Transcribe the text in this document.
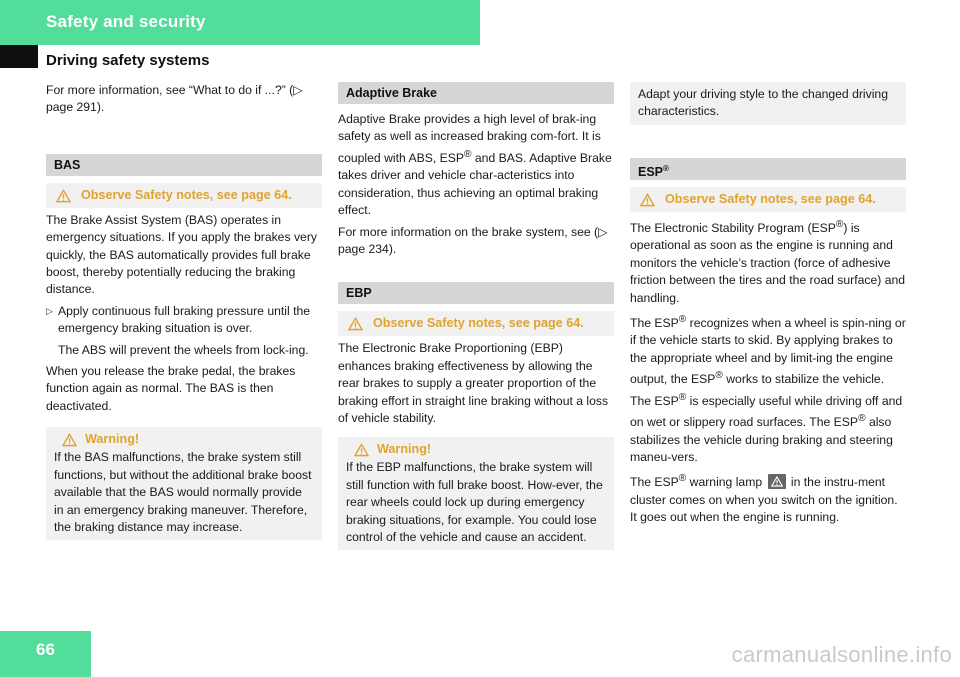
Safety and security
Driving safety systems

For more information, see “What to do if ...?” (▷ page 291).

BAS
Observe Safety notes, see page 64.

The Brake Assist System (BAS) operates in emergency situations. If you apply the brakes very quickly, the BAS automatically provides full brake boost, thereby potentially reducing the braking distance.

▷ Apply continuous full braking pressure until the emergency braking situation is over.

The ABS will prevent the wheels from lock-ing.

When you release the brake pedal, the brakes function again as normal. The BAS is then deactivated.

Warning!

If the BAS malfunctions, the brake system still functions, but without the additional brake boost available that the BAS would normally provide in an emergency braking maneuver. Therefore, the braking distance may increase.

Adaptive Brake

Adaptive Brake provides a high level of brak-ing safety as well as increased braking com-fort. It is coupled with ABS, ESP® and BAS. Adaptive Brake takes driver and vehicle char-acteristics into consideration, thus achieving an optimal braking effect.

For more information on the brake system, see (▷ page 234).

EBP
Observe Safety notes, see page 64.

The Electronic Brake Proportioning (EBP) enhances braking effectiveness by allowing the rear brakes to supply a greater proportion of the braking effort in straight line braking without a loss of vehicle stability.

Warning!

If the EBP malfunctions, the brake system will still function with full brake boost. How-ever, the rear wheels could lock up during emergency braking situations, for example. You could lose control of the vehicle and cause an accident.

Adapt your driving style to the changed driving characteristics.

ESP®
Observe Safety notes, see page 64.

The Electronic Stability Program (ESP®) is operational as soon as the engine is running and monitors the vehicle’s traction (force of adhesive friction between the tires and the road surface) and handling.

The ESP® recognizes when a wheel is spin-ning or if the vehicle starts to skid. By applying brakes to the appropriate wheel and by limit-ing the engine output, the ESP® works to stabilize the vehicle. The ESP® is especially useful while driving off and on wet or slippery road surfaces. The ESP® also stabilizes the vehicle during braking and steering maneu-vers.

The ESP® warning lamp
in the instru-ment cluster comes on when you switch on the ignition. It goes out when the engine is running.

66	carmanualsonline.info
